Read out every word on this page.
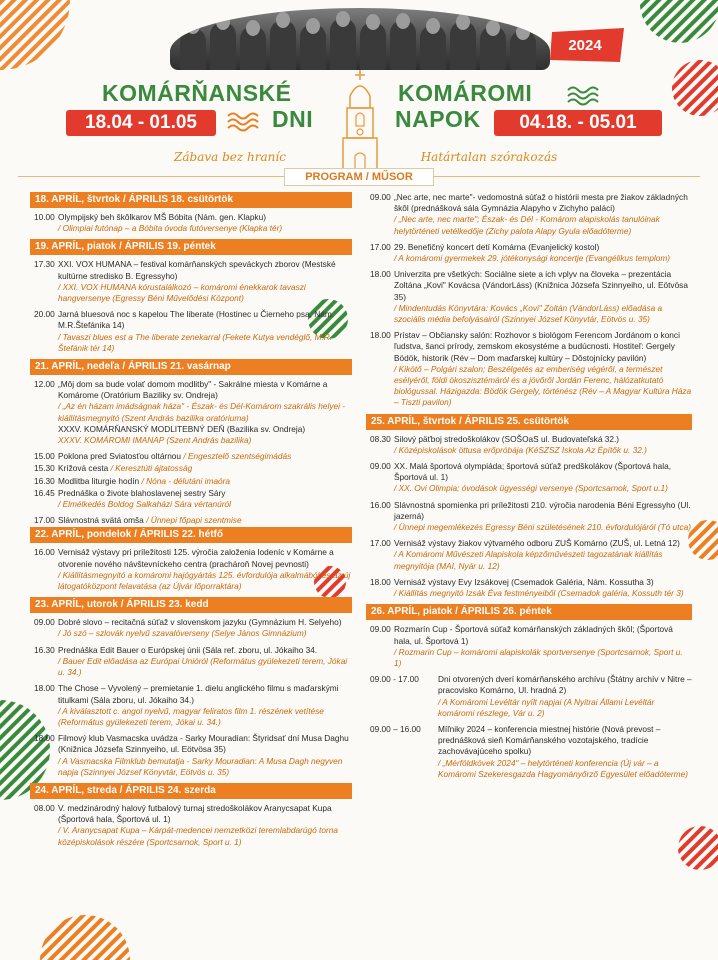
2024
KOMÁRŇANSKÉ	KOMÁROMI
DNI	NAPOK
18.04 - 01.05	04.18. - 05.01
Zábava bez hraníc	Határtalan szórakozás
PROGRAM / MŰSOR
18. APRÍL, štvrtok / ÁPRILIS 18. csütörtök
10.00 Olympijský beh škôlkarov MŠ Bóbita (Nám. gen. Klapku)
/ Olimpiai futónap – a Bóbita óvoda futóversenye (Klapka tér)
19. APRÍL, piatok / ÁPRILIS 19. péntek
17.30 XXI. VOX HUMANA – festival komárňanských speváckych zborov (Mestské kultúrne stredisko B. Egressyho)
/ XXI. VOX HUMANA kórustalálkozó – komáromi énekkarok tavaszi hangversenye (Egressy Béni Művelődési Központ)
20.00 Jarná bluesová noc s kapelou The liberate (Hostinec u Čierneho psa, Nám. M.R.Štefánika 14)
/ Tavaszi blues est a The liberate zenekarral (Fekete Kutya vendéglő, M.R. Štefánik tér 14)
21. APRÍL, nedeľa / ÁPRILIS 21. vasárnap
12.00 „Môj dom sa bude volať domom modlitby" - Sakrálne miesta v Komárne a Komárome (Oratórium Baziliky sv. Ondreja)
/ „Az én házam imádságnak háza" - Észak- és Dél-Komárom szakrális helyei - kiállításmegnyitó (Szent András bazilika oratóriuma)
XXXV. KOMÁRŇANSKÝ MODLITEBNÝ DEŇ (Bazilika sv. Ondreja)
XXXV. KOMÁROMI IMANAP (Szent András bazilika)
15.00 Poklona pred Sviatosťou oltárnou / Engesztelő szentségimádás
15.30 Krížová cesta / Keresztúti ájtatosság
16.30 Modlitba liturgie hodín / Nóna - délutáni imaóra
16.45 Prednáška o živote blahoslavenej sestry Sáry
/ Elmélkedés Boldog Salkaházi Sára vértanúról
17.00 Slávnostná svätá omša / Ünnepi főpapi szentmise
22. APRÍL, pondelok / ÁPRILIS 22. hétfő
16.00 Vernisáž výstavy pri príležitosti 125. výročia založenia lodeníc v Komárne a otvorenie nového návštevníckeho centra (prachároň Novej pevnosti)
/ Kiállításmegnyitó a komáromi hajógyártás 125. évfordulója alkalmából és az új látogatóközpont felavatása (az Újvár lőporraktára)
23. APRÍL, utorok / ÁPRILIS 23. kedd
09.00 Dobré slovo – recitačná súťaž v slovenskom jazyku (Gymnázium H. Selyeho)
/ Jó szó – szlovák nyelvű szavalóverseny (Selye János Gimnázium)
16.30 Prednáška Edit Bauer o Európskej únii (Sála ref. zboru, ul. Jókaiho 34.
/ Bauer Edit előadása az Európai Unióról (Református gyülekezeti terem, Jókai u. 34.)
18.00 The Chose – Vyvolený – premietanie 1. dielu anglického filmu s maďarskými titulkami (Sála zboru, ul. Jókaiho 34.)
/ A kiválasztott c. angol nyelvű, magyar feliratos film 1. részének vetítése (Református gyülekezeti terem, Jókai u. 34.)
18.00 Filmový klub Vasmacska uvádza - Sarky Mouradian: Štyridsať dní Musa Daghu (Knižnica Józsefa Szinnyeiho, ul. Eötvösa 35)
/ A Vasmacska Filmklub bemutatja - Sarky Mouradian: A Musa Dagh negyven napja (Szinnyei József Könyvtár, Eötvös u. 35)
24. APRÍL, streda / ÁPRILIS 24. szerda
08.00 V. medzinárodný halový futbalový turnaj stredoškolákov Aranycsapat Kupa (Športová hala, Športová ul. 1)
/ V. Aranycsapat Kupa – Kárpát-medencei nemzetközi teremlabdarúgó torna középiskolások részére (Sportcsarnok, Sport u. 1)
09.00 „Nec arte, nec marte"- vedomostná súťaž o histórii mesta pre žiakov základných škôl (prednášková sála Gymnázia Alapyho v Zichyho paláci)
/ „Nec arte, nec marte"; Észak- és Dél - Komárom alapiskolás tanulóinak helytörténeti vetélkedője (Zichy palota Alapy Gyula előadóterme)
17.00 29. Benefičný koncert detí Komárna (Evanjelický kostol)
/ A komáromi gyermekek 29. jótékonysági koncertje (Evangélikus templom)
18.00 Univerzita pre všetkých: Sociálne siete a ich vplyv na človeka – prezentácia Zoltána „Kovi" Kovácsa (VándorLáss) (Knižnica Józsefa Szinnyeiho, ul. Eötvösa 35)
/ Mindentudás Könyvtára: Kovács „Kovi" Zoltán (VándorLáss) előadása a szociális média befolyásairól (Szinnyei József Könyvtár, Eötvös u. 35)
18.00 Prístav – Občiansky salón: Rozhovor s biológom Ferencom Jordánom o konci ľudstva, šanci prírody, zemskom ekosystéme a budúcnosti. Hostiteľ: Gergely Bödök, historik (Rév – Dom maďarskej kultúry – Dôstojnícky pavilón)
/ Kikötő – Polgári szalon; Beszélgetés az emberiség végéről, a természet esélyéről, földi ökoszisztémáról és a jövőről Jordán Ferenc, hálózatkutató biológussal. Házigazda: Bödök Gergely, történész (Rév – A Magyar Kultúra Háza – Tiszti pavilon)
25. APRÍL, štvrtok / ÁPRILIS 25. csütörtök
08.30 Silový päťboj stredoškolákov (SOŠOaS ul. Budovateľská 32.)
/ Középiskolások öttusa erőpróbája (KéSZSZ Iskola Az Építők u. 32.)
09.00 XX. Malá športová olympiáda; športová súťaž predškolákov (Športová hala, Športová ul. 1)
/ XX. Ovi Olimpia; óvodások ügyességi versenye (Sportcsarnok, Sport u.1)
16.00 Slávnostná spomienka pri príležitosti 210. výročia narodenia Béni Egressyho (Ul. jazerná)
/ Ünnepi megemlékezés Egressy Béni születésének 210. évfordulójáról (Tó utca)
17.00 Vernisáž výstavy žiakov výtvarného odboru ZUŠ Komárno (ZUŠ, ul. Letná 12)
/ A Komáromi Művészeti Alapiskola képzőművészeti tagozatának kiállítás megnyitója (MAI, Nyár u. 12)
18.00 Vernisáž výstavy Evy Izsákovej (Csemadok Galéria, Nám. Kossutha 3)
/ Kiállítás megnyitó Izsák Éva festményeiből (Csemadok galéria, Kossuth tér 3)
26. APRÍL, piatok / ÁPRILIS 26. péntek
09.00 Rozmarín Cup - Športová súťaž komárňanských základných škôl; (Športová hala, ul. Športová 1)
/ Rozmarin Cup – komáromi alapiskolák sportversenye (Sportcsarnok, Sport u. 1)
09.00 - 17.00	Dni otvorených dverí komárňanského archívu (Štátny archív v Nitre – pracovisko Komárno, Ul. hradná 2)
/ A Komáromi Levéltár nyílt napjai (A Nyitrai Állami Levéltár komáromi részlege, Vár u. 2)
09.00 – 16.00	Míľniky 2024 – konferencia miestnej histórie (Nová prevost – prednášková sieň Komárňanského vozotajského, tradície zachovávajúceho spolku)
/ „Mérföldkövek 2024" – helytörténeti konferencia (Új vár – a Komáromi Szekeresgazda Hagyományőrző Egyesület előadóterme)
